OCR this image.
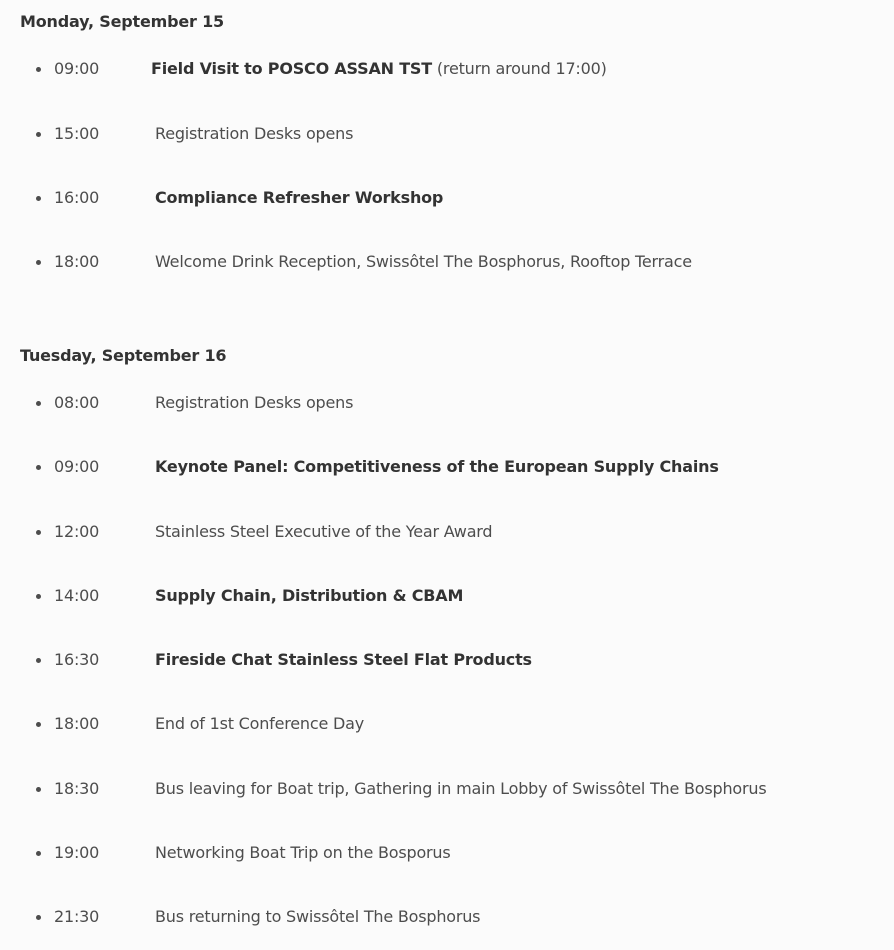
Monday, September 15
09:00	Field Visit to POSCO ASSAN TST (return around 17:00)
15:00	Registration Desks opens
16:00	Compliance Refresher Workshop
18:00	Welcome Drink Reception, Swissôtel The Bosphorus, Rooftop Terrace
Tuesday, September 16
08:00	Registration Desks opens
09:00	Keynote Panel: Competitiveness of the European Supply Chains
12:00	Stainless Steel Executive of the Year Award
14:00	Supply Chain, Distribution & CBAM
16:30	Fireside Chat Stainless Steel Flat Products
18:00	End of 1st Conference Day
18:30	Bus leaving for Boat trip, Gathering in main Lobby of Swissôtel The Bosphorus
19:00	Networking Boat Trip on the Bosporus
21:30	Bus returning to Swissôtel The Bosphorus
